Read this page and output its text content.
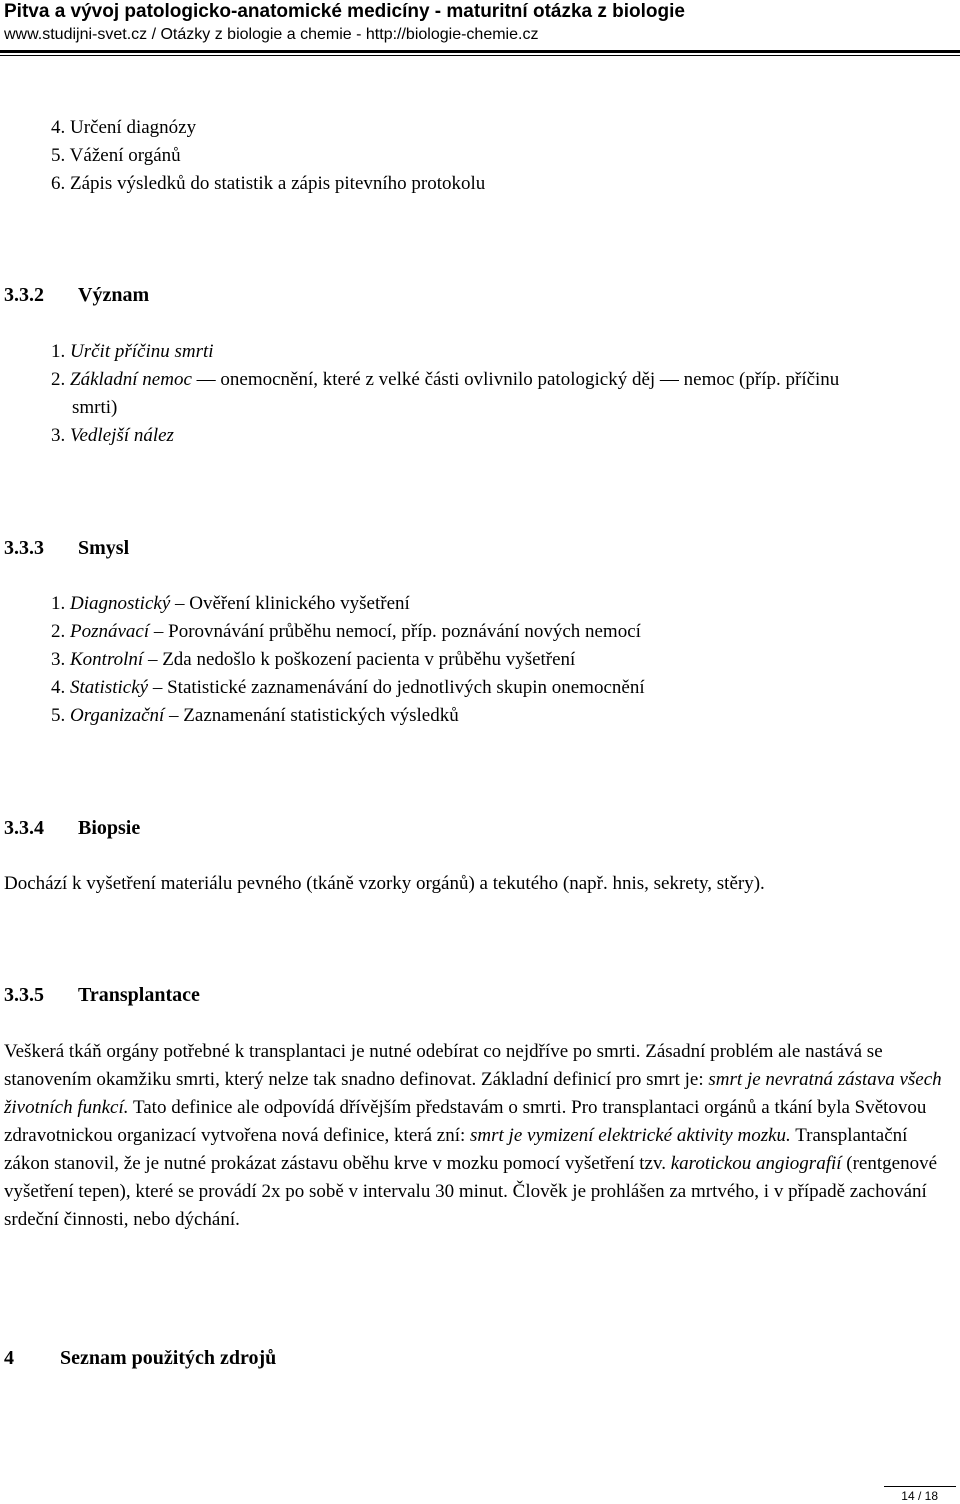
Pitva a vývoj patologicko-anatomické medicíny - maturitní otázka z biologie
www.studijni-svet.cz / Otázky z biologie a chemie - http://biologie-chemie.cz
4. Určení diagnózy
5. Vážení orgánů
6. Zápis výsledků do statistik a zápis pitevního protokolu
3.3.2 Význam
1. Určit příčinu smrti
2. Základní nemoc — onemocnění, které z velké části ovlivnilo patologický děj — nemoc (příp. příčinu
smrti)
3. Vedlejší nález
3.3.3 Smysl
1. Diagnostický – Ověření klinického vyšetření
2. Poznávací – Porovnávání průběhu nemocí, příp. poznávání nových nemocí
3. Kontrolní – Zda nedošlo k poškození pacienta v průběhu vyšetření
4. Statistický – Statistické zaznamenávání do jednotlivých skupin onemocnění
5. Organizační – Zaznamenání statistických výsledků
3.3.4 Biopsie
Dochází k vyšetření materiálu pevného (tkáně vzorky orgánů) a tekutého (např. hnis, sekrety, stěry).
3.3.5 Transplantace
Veškerá tkáň orgány potřebné k transplantaci je nutné odebírat co nejdříve po smrti. Zásadní problém ale nastává se stanovením okamžiku smrti, který nelze tak snadno definovat. Základní definicí pro smrt je: smrt je nevratná zástava všech životních funkcí. Tato definice ale odpovídá dřívějším představám o smrti. Pro transplantaci orgánů a tkání byla Světovou zdravotnickou organizací vytvořena nová definice, která zní: smrt je vymizení elektrické aktivity mozku. Transplantační zákon stanovil, že je nutné prokázat zástavu oběhu krve v mozku pomocí vyšetření tzv. karotickou angiografií (rentgenové vyšetření tepen), které se provádí 2x po sobě v intervalu 30 minut. Člověk je prohlášen za mrtvého, i v případě zachování srdeční činnosti, nebo dýchání.
4 Seznam použitých zdrojů
14 / 18
